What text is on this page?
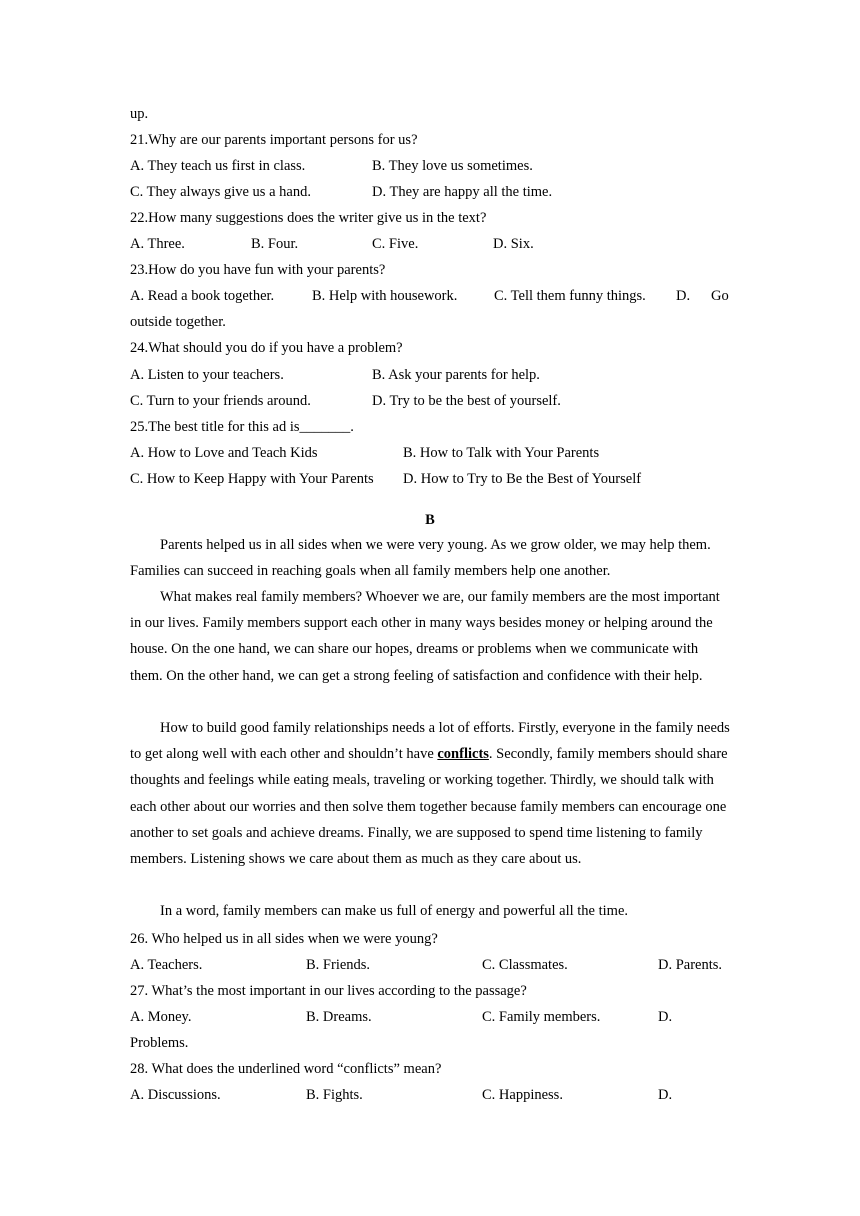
up.
21.Why are our parents important persons for us?
A. They teach us first in class.	B. They love us sometimes.
C. They always give us a hand.	D. They are happy all the time.
22.How many suggestions does the writer give us in the text?
A. Three.	B. Four.	C. Five.	D. Six.
23.How do you have fun with your parents?
A. Read a book together.	B. Help with housework.	C. Tell them funny things. D. Go
outside together.
24.What should you do if you have a problem?
A. Listen to your teachers.	B. Ask your parents for help.
C. Turn to your friends around.	D. Try to be the best of yourself.
25.The best title for this ad is_______.
A. How to Love and Teach Kids	B. How to Talk with Your Parents
C. How to Keep Happy with Your Parents D. How to Try to Be the Best of Yourself
B
Parents helped us in all sides when we were very young. As we grow older, we may help them. Families can succeed in reaching goals when all family members help one another.
What makes real family members? Whoever we are, our family members are the most important in our lives. Family members support each other in many ways besides money or helping around the house. On the one hand, we can share our hopes, dreams or problems when we communicate with them. On the other hand, we can get a strong feeling of satisfaction and confidence with their help.
How to build good family relationships needs a lot of efforts. Firstly, everyone in the family needs to get along well with each other and shouldn’t have conflicts. Secondly, family members should share thoughts and feelings while eating meals, traveling or working together. Thirdly, we should talk with each other about our worries and then solve them together because family members can encourage one another to set goals and achieve dreams. Finally, we are supposed to spend time listening to family members. Listening shows we care about them as much as they care about us.
In a word, family members can make us full of energy and powerful all the time.
26. Who helped us in all sides when we were young?
A. Teachers.	B. Friends.	C. Classmates.	D. Parents.
27. What’s the most important in our lives according to the passage?
A. Money.	B. Dreams.	C. Family members.	D.
Problems.
28. What does the underlined word “conflicts” mean?
A. Discussions.	B. Fights.	C. Happiness.	D.
